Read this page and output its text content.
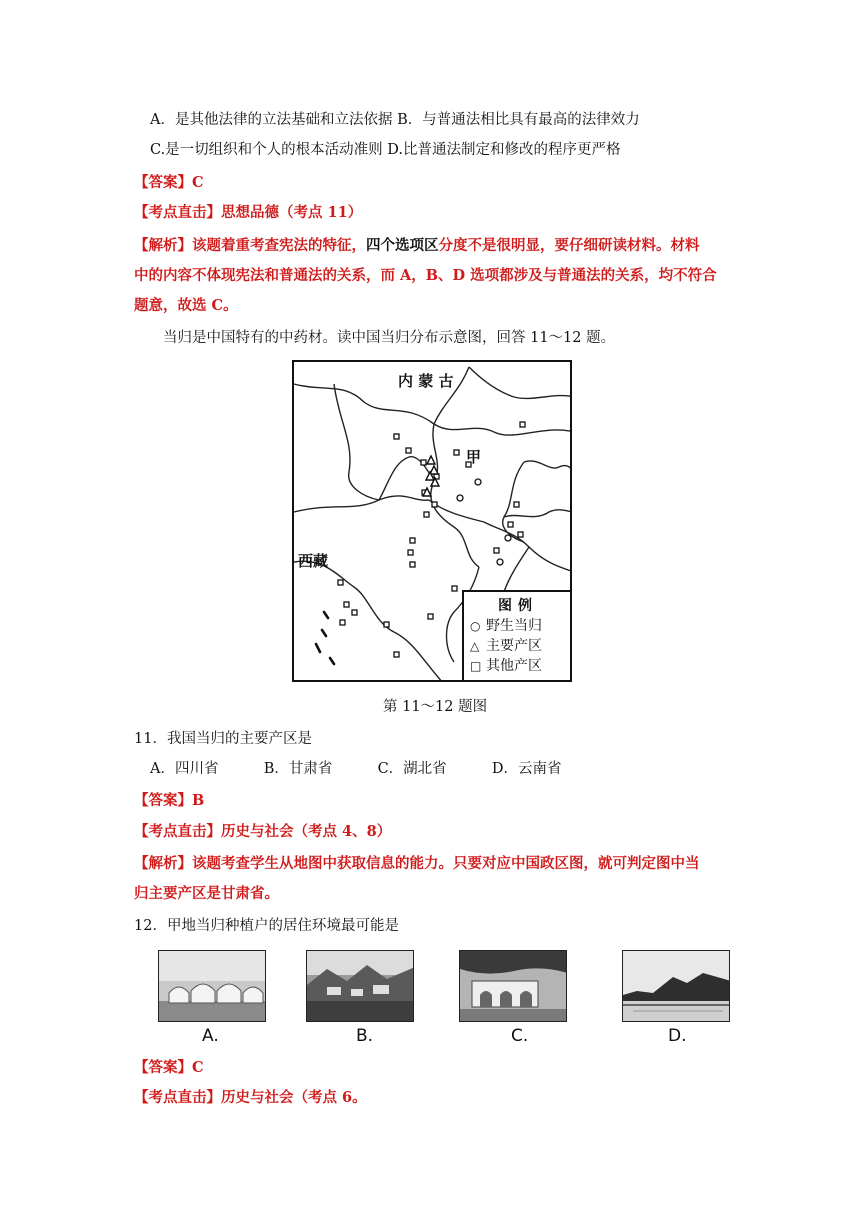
A．是其他法律的立法基础和立法依据 B．与普通法相比具有最高的法律效力
C.是一切组织和个人的根本活动准则 D.比普通法制定和修改的程序更严格
【答案】C
【考点直击】思想品德（考点 11）
【解析】该题着重考查宪法的特征，四个选项区分度不是很明显，要仔细研读材料。材料
中的内容不体现宪法和普通法的关系，而 A，B、D 选项都涉及与普通法的关系，均不符合
题意，故选 C。
当归是中国特有的中药材。读中国当归分布示意图，回答 11～12 题。
内 蒙 古
甲
西藏
图例
○ 野生当归
△ 主要产区
□ 其他产区
第 11～12 题图
11．我国当归的主要产区是
A．四川省	B．甘肃省	C．湖北省	D．云南省
【答案】B
【考点直击】历史与社会（考点 4、8）
【解析】该题考查学生从地图中获取信息的能力。只要对应中国政区图，就可判定图中当
归主要产区是甘肃省。
12．甲地当归种植户的居住环境最可能是
A.	B.	C.	D.
【答案】C
【考点直击】历史与社会（考点 6。
